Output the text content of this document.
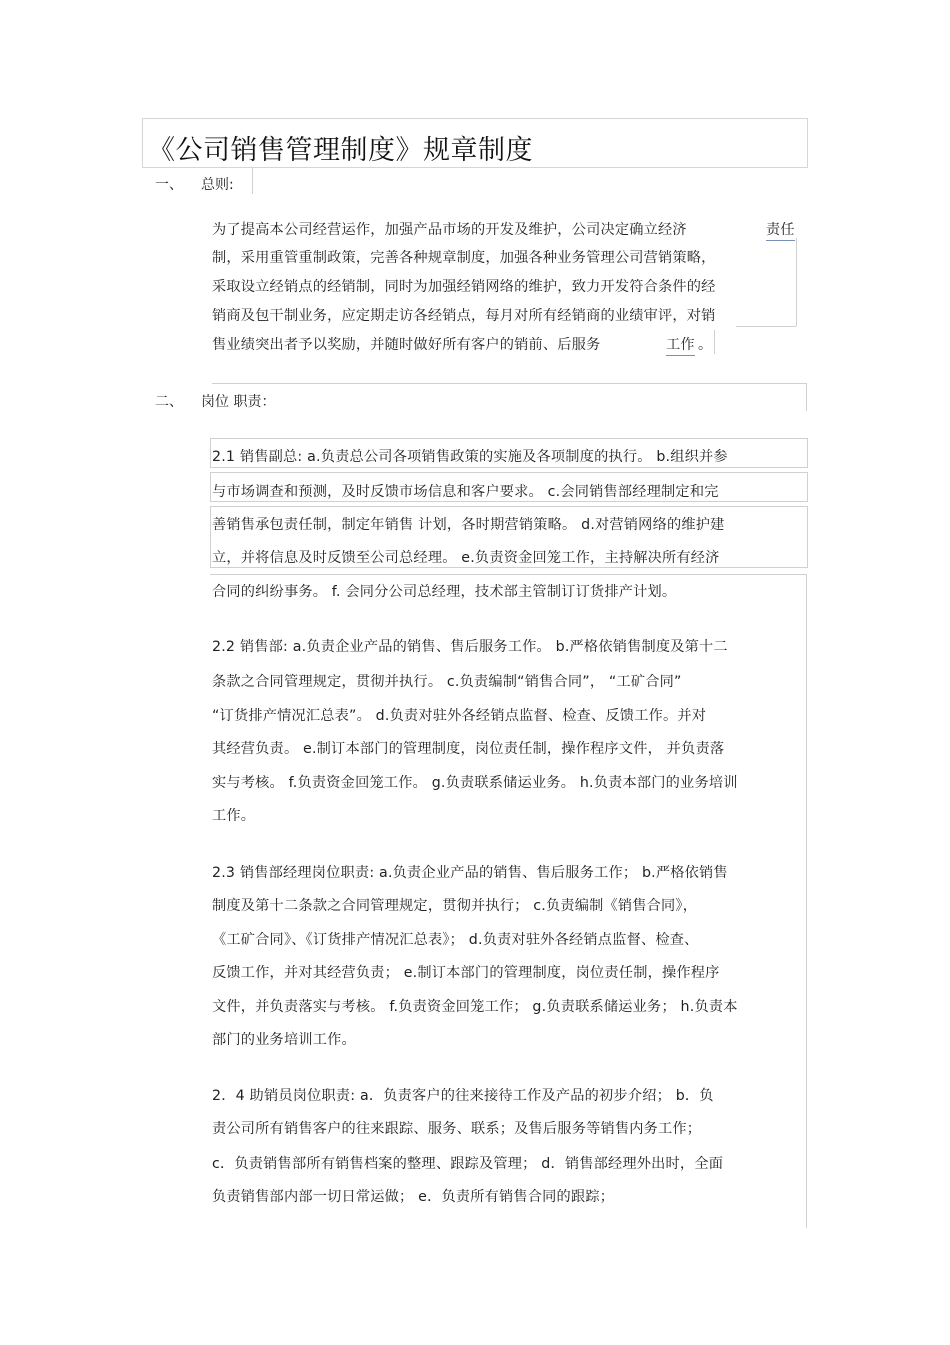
《公司销售管理制度》规章制度
一、 总则:
为了提高本公司经营运作，加强产品市场的开发及维护，公司决定确立经济	责任
制，采用重管重制政策，完善各种规章制度，加强各种业务管理公司营销策略，
采取设立经销点的经销制，同时为加强经销网络的维护，致力开发符合条件的经
销商及包干制业务，应定期走访各经销点，每月对所有经销商的业绩审评，对销
售业绩突出者予以奖励，并随时做好所有客户的销前、后服务	工作 。
二、 岗位 职责：
2.1 销售副总: a.负责总公司各项销售政策的实施及各项制度的执行。 b.组织并参
与市场调查和预测，及时反馈市场信息和客户要求。 c.会同销售部经理制定和完
善销售承包责任制，制定年销售 计划，各时期营销策略。 d.对营销网络的维护建
立，并将信息及时反馈至公司总经理。 e.负责资金回笼工作，主持解决所有经济
合同的纠纷事务。 f. 会同分公司总经理，技术部主管制订订货排产计划。
2.2 销售部: a.负责企业产品的销售、售后服务工作。 b.严格依销售制度及第十二
条款之合同管理规定，贯彻并执行。 c.负责编制“销售合同”， “工矿合同”
“订货排产情况汇总表”。 d.负责对驻外各经销点监督、检查、反馈工作。并对
其经营负责。 e.制订本部门的管理制度，岗位责任制，操作程序文件， 并负责落
实与考核。 f.负责资金回笼工作。 g.负责联系储运业务。 h.负责本部门的业务培训
工作。
2.3 销售部经理岗位职责: a.负责企业产品的销售、售后服务工作； b.严格依销售
制度及第十二条款之合同管理规定，贯彻并执行； c.负责编制《销售合同》，
《工矿合同》、《订货排产情况汇总表》； d.负责对驻外各经销点监督、检查、
反馈工作，并对其经营负责； e.制订本部门的管理制度，岗位责任制，操作程序
文件，并负责落实与考核。 f.负责资金回笼工作； g.负责联系储运业务； h.负责本
部门的业务培训工作。
2．4 助销员岗位职责: a．负责客户的往来接待工作及产品的初步介绍； b．负
责公司所有销售客户的往来跟踪、服务、联系；及售后服务等销售内务工作；
c．负责销售部所有销售档案的整理、跟踪及管理； d．销售部经理外出时，全面
负责销售部内部一切日常运做； e．负责所有销售合同的跟踪；
